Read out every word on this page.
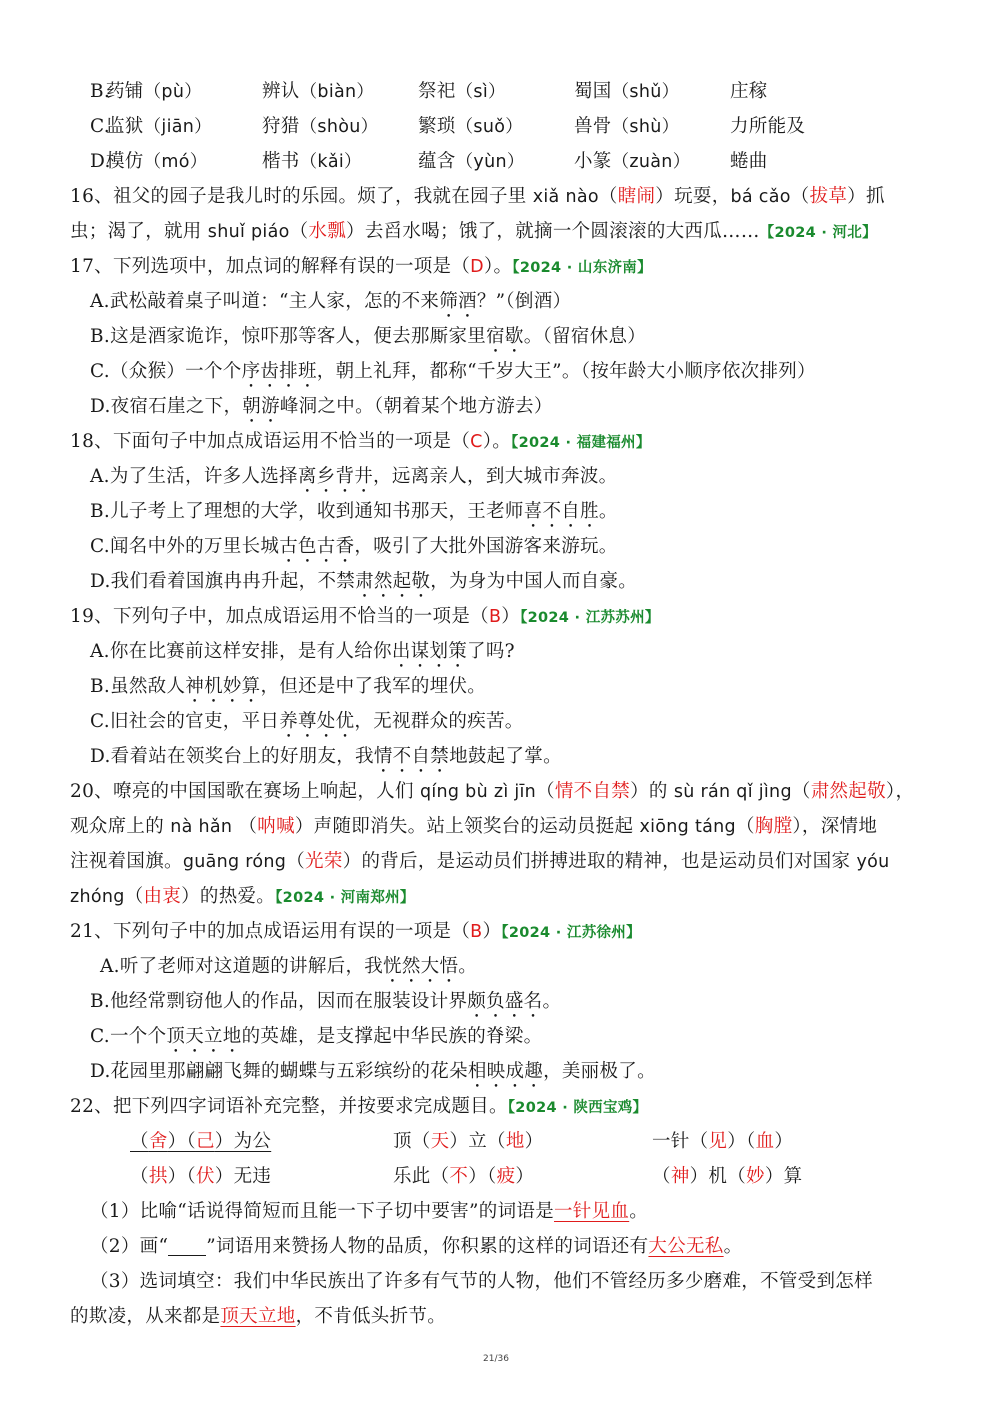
B.
药铺（pù）	辨认（biàn） 祭祀（sì）	蜀国（shǔ）	庄稼
C.
监狱（jiān）	狩猎（shòu） 繁琐（suǒ）	兽骨（shù）	力所能及
D.
模仿（mó）	楷书（kǎi）	蕴含（yùn）	小篆（zuàn） 蜷曲
16、祖父的园子是我儿时的乐园。烦了，我就在园子里 xiǎ nào（瞎闹）玩耍，bá cǎo（拔草）抓
虫；渴了，就用 shuǐ piáo（水瓢）去舀水喝；饿了，就摘一个圆滚滚的大西瓜……【2024 · 河北】
17、下列选项中，加点词的解释有误的一项是（D）。【2024 · 山东济南】
A.武松敲着桌子叫道：“主人家，怎的不来筛酒？”（倒酒）
B.这是酒家诡诈，惊吓那等客人，便去那厮家里宿歇。（留宿休息）
C.（众猴）一个个序齿排班，朝上礼拜，都称“千岁大王”。（按年龄大小顺序依次排列）
D.夜宿石崖之下，朝游峰洞之中。（朝着某个地方游去）
18、下面句子中加点成语运用不恰当的一项是（C）。【2024 · 福建福州】
A.为了生活，许多人选择离乡背井，远离亲人，到大城市奔波。
B.儿子考上了理想的大学，收到通知书那天，王老师喜不自胜。
C.闻名中外的万里长城古色古香，吸引了大批外国游客来游玩。
D.我们看着国旗冉冉升起，不禁肃然起敬，为身为中国人而自豪。
19、下列句子中，加点成语运用不恰当的一项是（B）【2024 · 江苏苏州】
A.你在比赛前这样安排，是有人给你出谋划策了吗?
B.虽然敌人神机妙算，但还是中了我军的埋伏。
C.旧社会的官吏，平日养尊处优，无视群众的疾苦。
D.看着站在领奖台上的好朋友，我情不自禁地鼓起了掌。
20、嘹亮的中国国歌在赛场上响起，人们 qíng bù zì jīn（情不自禁）的 sù rán qǐ jìng（肃然起敬），
观众席上的 nà hǎn （呐喊）声随即消失。站上领奖台的运动员挺起 xiōng táng（胸膛），深情地
注视着国旗。guāng róng（光荣）的背后，是运动员们拼搏进取的精神，也是运动员们对国家 yóu
zhóng（由衷）的热爱。【2024 · 河南郑州】
21、下列句子中的加点成语运用有误的一项是（B）【2024 · 江苏徐州】
A.听了老师对这道题的讲解后，我恍然大悟。
B.他经常剽窃他人的作品，因而在服装设计界颇负盛名。
C.一个个顶天立地的英雄，是支撑起中华民族的脊梁。
D.花园里那翩翩飞舞的蝴蝶与五彩缤纷的花朵相映成趣，美丽极了。
22、把下列四字词语补充完整，并按要求完成题目。【2024 · 陕西宝鸡】
（舍）（己）为公	顶（天）立（地）	一针（见）（血）
（拱）（伏）无违	乐此（不）（疲）	（神）机（妙）算
（1）比喻“话说得简短而且能一下子切中要害”的词语是一针见血。
（2）画“ ”词语用来赞扬人物的品质，你积累的这样的词语还有大公无私。
（3）选词填空：我们中华民族出了许多有气节的人物，他们不管经历多少磨难，不管受到怎样
的欺凌，从来都是顶天立地，不肯低头折节。
21/36
